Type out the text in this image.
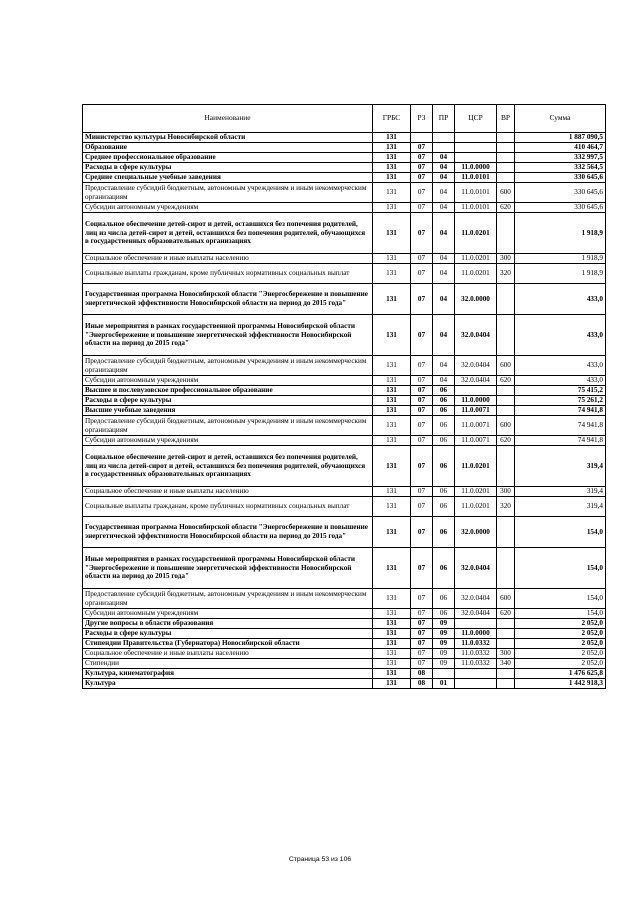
Наименование	ГРБС	РЗ	ПР	ЦСР	ВР	Сумма
Министерство культуры Новосибирской области	131					1 887 090,5
Образование	131	07				410 464,7
Среднее профессиональное образование	131	07	04			332 997,5
Расходы в сфере культуры	131	07	04	11.0.0000		332 564,5
Средние специальные учебные заведения	131	07	04	11.0.0101		330 645,6
Предоставление субсидий бюджетным, автономным учреждениям и иным некоммерческим организациям	131	07	04	11.0.0101	600	330 645,6
Субсидии автономным учреждениям	131	07	04	11.0.0101	620	330 645,6
Социальное обеспечение детей-сирот и детей, оставшихся без попечения родителей, лиц из числа детей-сирот и детей, оставшихся без попечения родителей, обучающихся в государственных образовательных организациях	131	07	04	11.0.0201		1 918,9
Социальное обеспечение и иные выплаты населению	131	07	04	11.0.0201	300	1 918,9
Социальные выплаты гражданам, кроме публичных нормативных социальных выплат	131	07	04	11.0.0201	320	1 918,9
Государственная программа Новосибирской области "Энергосбережение и повышение энергетической эффективности Новосибирской области на период до 2015 года"	131	07	04	32.0.0000		433,0
Иные мероприятия в рамках государственной программы Новосибирской области "Энергосбережение и повышение энергетической эффективности Новосибирской области на период до 2015 года"	131	07	04	32.0.0404		433,0
Предоставление субсидий бюджетным, автономным учреждениям и иным некоммерческим организациям	131	07	04	32.0.0404	600	433,0
Субсидии автономным учреждениям	131	07	04	32.0.0404	620	433,0
Высшее и послевузовское профессиональное образование	131	07	06			75 415,2
Расходы в сфере культуры	131	07	06	11.0.0000		75 261,2
Высшие учебные заведения	131	07	06	11.0.0071		74 941,8
Предоставление субсидий бюджетным, автономным учреждениям и иным некоммерческим организациям	131	07	06	11.0.0071	600	74 941,8
Субсидии автономным учреждениям	131	07	06	11.0.0071	620	74 941,8
Социальное обеспечение детей-сирот и детей, оставшихся без попечения родителей, лиц из числа детей-сирот и детей, оставшихся без попечения родителей, обучающихся в государственных образовательных организациях	131	07	06	11.0.0201		319,4
Социальное обеспечение и иные выплаты населению	131	07	06	11.0.0201	300	319,4
Социальные выплаты гражданам, кроме публичных нормативных социальных выплат	131	07	06	11.0.0201	320	319,4
Государственная программа Новосибирской области "Энергосбережение и повышение энергетической эффективности Новосибирской области на период до 2015 года"	131	07	06	32.0.0000		154,0
Иные мероприятия в рамках государственной программы Новосибирской области "Энергосбережение и повышение энергетической эффективности Новосибирской области на период до 2015 года"	131	07	06	32.0.0404		154,0
Предоставление субсидий бюджетным, автономным учреждениям и иным некоммерческим организациям	131	07	06	32.0.0404	600	154,0
Субсидии автономным учреждениям	131	07	06	32.0.0404	620	154,0
Другие вопросы в области образования	131	07	09			2 052,0
Расходы в сфере культуры	131	07	09	11.0.0000		2 052,0
Стипендии Правительства (Губернатора) Новосибирской области	131	07	09	11.0.0332		2 052,0
Социальное обеспечение и иные выплаты населению	131	07	09	11.0.0332	300	2 052,0
Стипендии	131	07	09	11.0.0332	340	2 052,0
Культура, кинематография	131	08				1 476 625,8
Культура	131	08	01			1 442 918,3
Страница 53 из 106
